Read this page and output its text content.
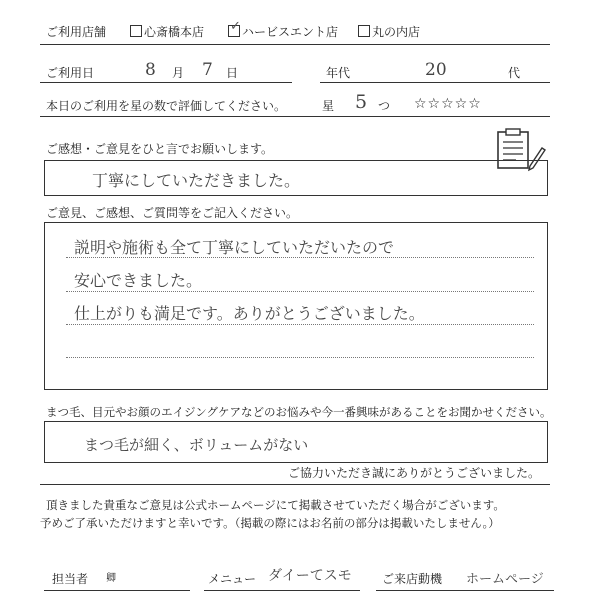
ご利用店舗	心斎橋本店 ✓ ハービスエント店	丸の内店
ご利用日	8 月 7 日	年代	20	代
本日のご利用を星の数で評価してください。	星 5 つ ☆☆☆☆☆
ご感想・ご意見をひと言でお願いします。
丁寧にしていただきました。
ご意見、ご感想、ご質問等をご記入ください。
説明や施術も全て丁寧にしていただいたので
安心できました。
仕上がりも満足です。ありがとうございました。
まつ毛、目元やお顔のエイジングケアなどのお悩みや今一番興味があることをお聞かせください。
まつ毛が細く、ボリュームがない
ご協力いただき誠にありがとうございました。
頂きました貴重なご意見は公式ホームページにて掲載させていただく場合がございます。
予めご了承いただけますと幸いです。（掲載の際にはお名前の部分は掲載いたしません。）
担当者 卿	メニュー ダイーてスモ	ご来店動機 ホームページ
